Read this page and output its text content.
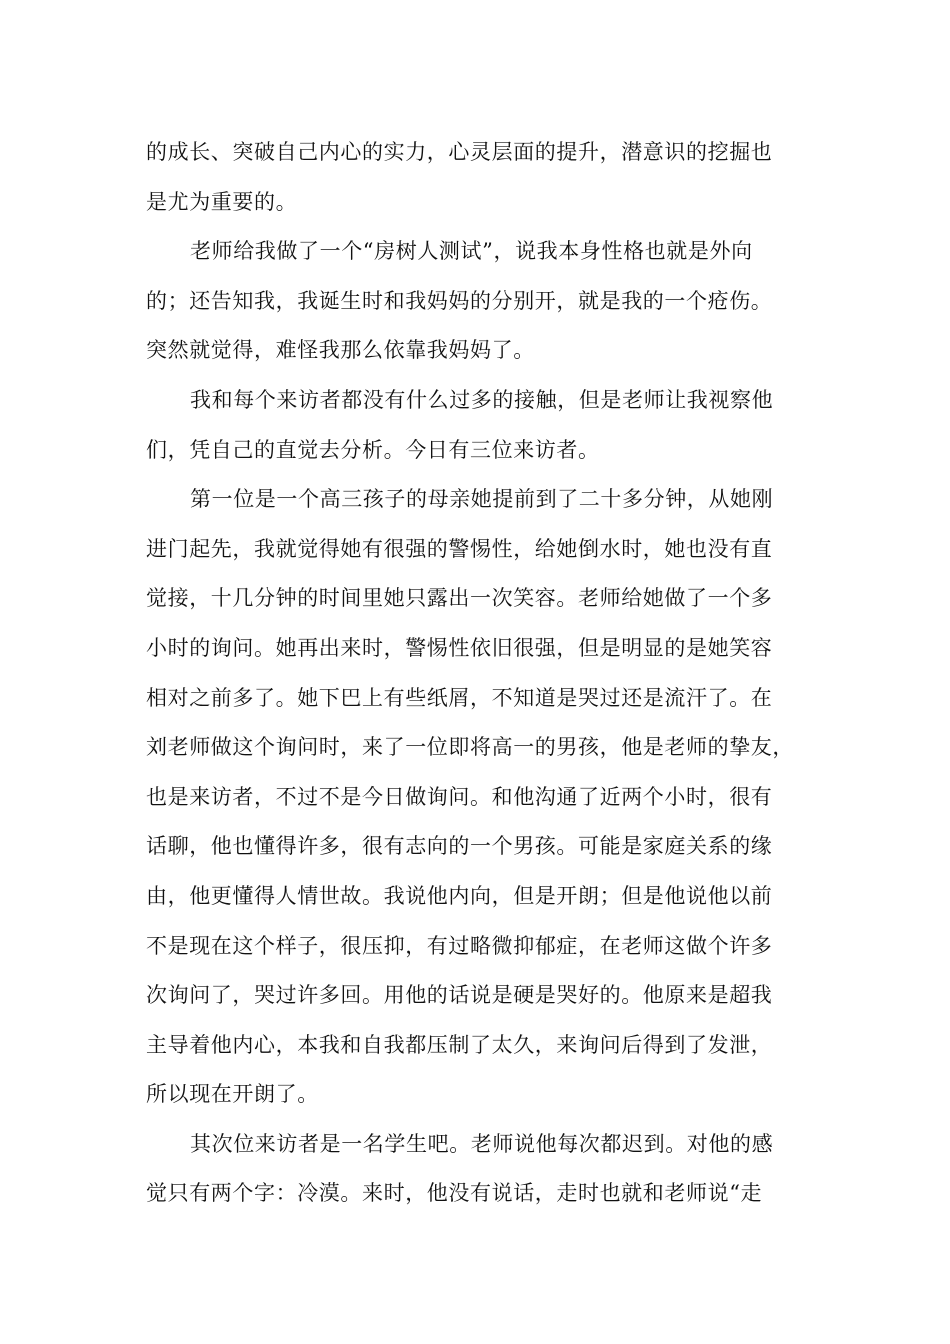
的成长、突破自己内心的实力，心灵层面的提升，潜意识的挖掘也
是尤为重要的。
老师给我做了一个“房树人测试”，说我本身性格也就是外向
的；还告知我，我诞生时和我妈妈的分别开，就是我的一个疮伤。
突然就觉得，难怪我那么依靠我妈妈了。
我和每个来访者都没有什么过多的接触，但是老师让我视察他
们，凭自己的直觉去分析。今日有三位来访者。
第一位是一个高三孩子的母亲她提前到了二十多分钟，从她刚
进门起先，我就觉得她有很强的警惕性，给她倒水时，她也没有直
觉接，十几分钟的时间里她只露出一次笑容。老师给她做了一个多
小时的询问。她再出来时，警惕性依旧很强，但是明显的是她笑容
相对之前多了。她下巴上有些纸屑，不知道是哭过还是流汗了。在
刘老师做这个询问时，来了一位即将高一的男孩，他是老师的挚友，
也是来访者，不过不是今日做询问。和他沟通了近两个小时，很有
话聊，他也懂得许多，很有志向的一个男孩。可能是家庭关系的缘
由，他更懂得人情世故。我说他内向，但是开朗；但是他说他以前
不是现在这个样子，很压抑，有过略微抑郁症，在老师这做个许多
次询问了，哭过许多回。用他的话说是硬是哭好的。他原来是超我
主导着他内心，本我和自我都压制了太久，来询问后得到了发泄，
所以现在开朗了。
其次位来访者是一名学生吧。老师说他每次都迟到。对他的感
觉只有两个字：冷漠。来时，他没有说话，走时也就和老师说“走
